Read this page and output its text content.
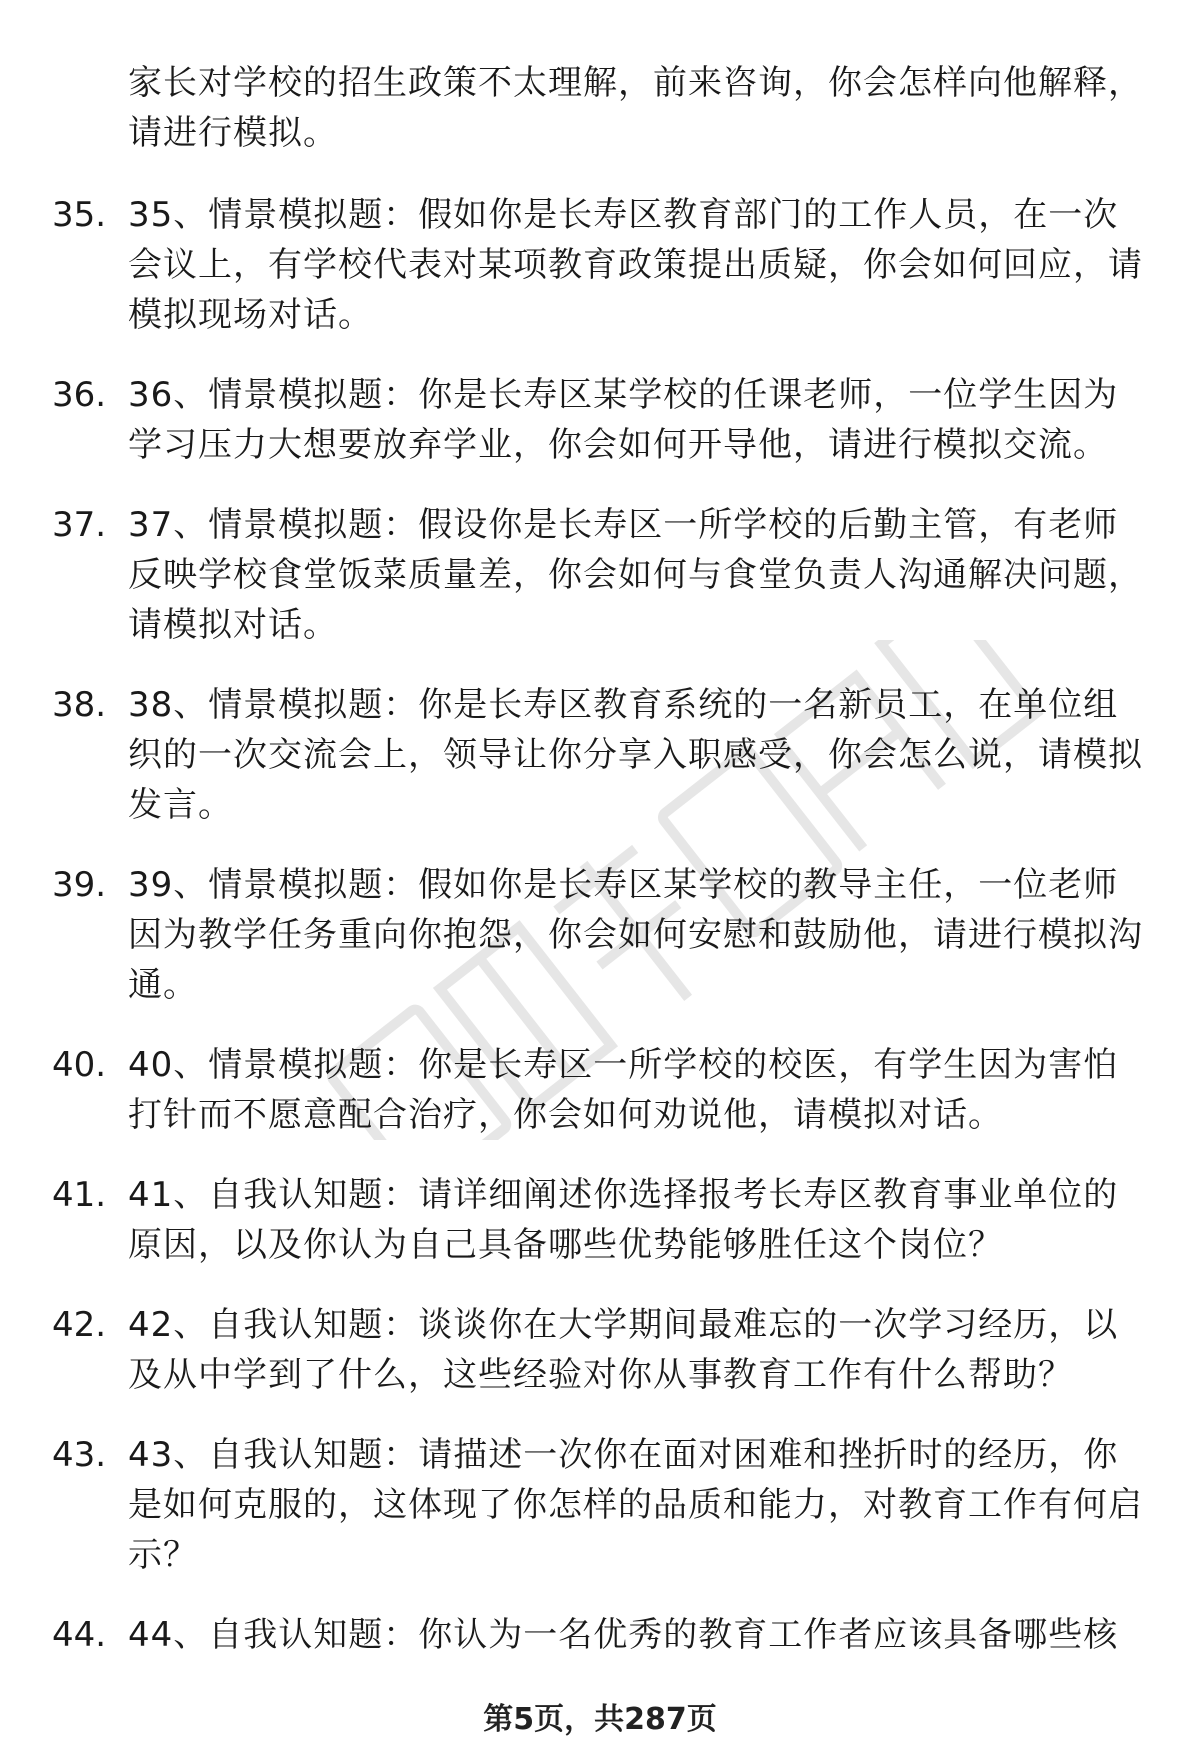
家长对学校的招生政策不太理解，前来咨询，你会怎样向他解释，请进行模拟。
35. 35、情景模拟题：假如你是长寿区教育部门的工作人员，在一次会议上，有学校代表对某项教育政策提出质疑，你会如何回应，请模拟现场对话。
36. 36、情景模拟题：你是长寿区某学校的任课老师，一位学生因为学习压力大想要放弃学业，你会如何开导他，请进行模拟交流。
37. 37、情景模拟题：假设你是长寿区一所学校的后勤主管，有老师反映学校食堂饭菜质量差，你会如何与食堂负责人沟通解决问题，请模拟对话。
38. 38、情景模拟题：你是长寿区教育系统的一名新员工，在单位组织的一次交流会上，领导让你分享入职感受，你会怎么说，请模拟发言。
39. 39、情景模拟题：假如你是长寿区某学校的教导主任，一位老师因为教学任务重向你抱怨，你会如何安慰和鼓励他，请进行模拟沟通。
40. 40、情景模拟题：你是长寿区一所学校的校医，有学生因为害怕打针而不愿意配合治疗，你会如何劝说他，请模拟对话。
41. 41、自我认知题：请详细阐述你选择报考长寿区教育事业单位的原因，以及你认为自己具备哪些优势能够胜任这个岗位？
42. 42、自我认知题：谈谈你在大学期间最难忘的一次学习经历，以及从中学到了什么，这些经验对你从事教育工作有什么帮助？
43. 43、自我认知题：请描述一次你在面对困难和挫折时的经历，你是如何克服的，这体现了你怎样的品质和能力，对教育工作有何启示？
44. 44、自我认知题：你认为一名优秀的教育工作者应该具备哪些核
第5页，共287页
